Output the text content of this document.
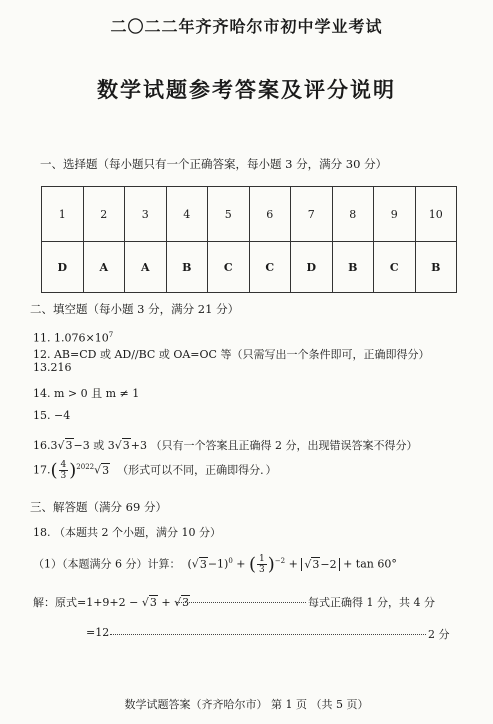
二〇二二年齐齐哈尔市初中学业考试
数学试题参考答案及评分说明
一、选择题（每小题只有一个正确答案，每小题 3 分，满分 30 分）
1	2	3	4	5	6	7	8	9	10
D	A	A	B	C	C	D	B	C	B
二、填空题（每小题 3 分，满分 21 分）
11. $1.076\times 10^7$
12. AB=CD 或 AD//BC 或 OA=OC 等（只需写出一个条件即可，正确即得分）
13.216
14. m > 0 且 m ≠ 1
15. −4
16.3√3−3 或 3√3+3 （只有一个答案且正确得 2 分，出现错误答案不得分）
$17.( \frac{4}{3} )^{2022}√3$ （形式可以不同，正确即得分．）
三、解答题（满分 69 分）
18. （本题共 2 个小题，满分 10 分）
（1）（本题满分 6 分）计算： $(√3-1)^0$ + ( $\frac{1}{3} )^{-2} + √3-2 + \tan 60^\circ$
解：原式=1+9+2 − √3 + √3	每式正确得 1 分，共 4 分
=12	2 分
数学试题答案（齐齐哈尔市） 第 1 页 （共 5 页）
